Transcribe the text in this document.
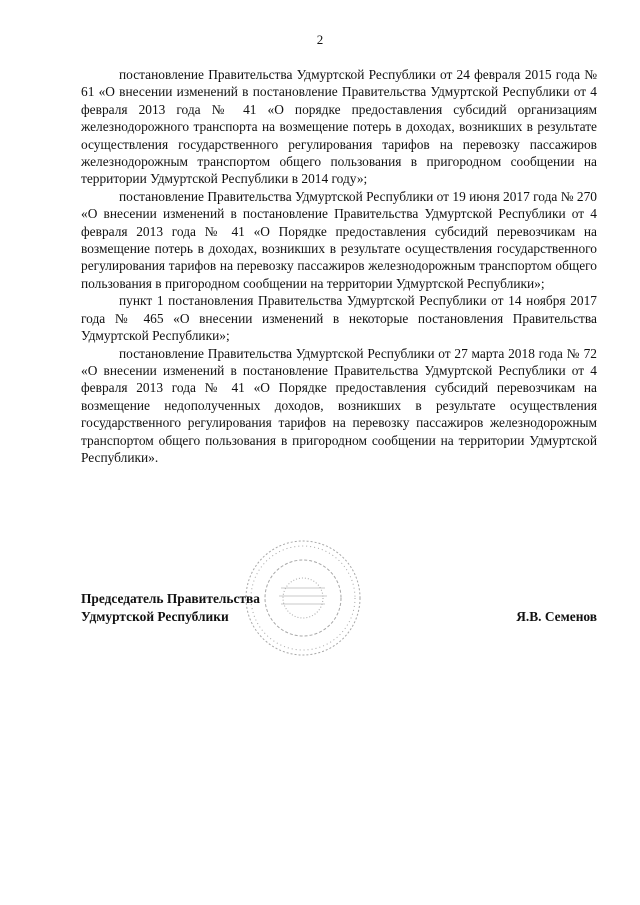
2

постановление Правительства Удмуртской Республики от 24 февраля 2015 года № 61 «О внесении изменений в постановление Правительства Удмуртской Республики от 4 февраля 2013 года № 41 «О порядке предоставления субсидий организациям железнодорожного транспорта на возмещение потерь в доходах, возникших в результате осуществления государственного регулирования тарифов на перевозку пассажиров железнодорожным транспортом общего пользования в пригородном сообщении на территории Удмуртской Республики в 2014 году»;

постановление Правительства Удмуртской Республики от 19 июня 2017 года № 270 «О внесении изменений в постановление Правительства Удмуртской Республики от 4 февраля 2013 года № 41 «О Порядке предоставления субсидий перевозчикам на возмещение потерь в доходах, возникших в результате осуществления государственного регулирования тарифов на перевозку пассажиров железнодорожным транспортом общего пользования в пригородном сообщении на территории Удмуртской Республики»;

пункт 1 постановления Правительства Удмуртской Республики от 14 ноября 2017 года № 465 «О внесении изменений в некоторые постановления Правительства Удмуртской Республики»;

постановление Правительства Удмуртской Республики от 27 марта 2018 года № 72 «О внесении изменений в постановление Правительства Удмуртской Республики от 4 февраля 2013 года № 41 «О Порядке предоставления субсидий перевозчикам на возмещение недополученных доходов, возникших в результате осуществления государственного регулирования тарифов на перевозку пассажиров железнодорожным транспортом общего пользования в пригородном сообщении на территории Удмуртской Республики».

Председатель Правительства
Удмуртской Республики	Я.В. Семенов
